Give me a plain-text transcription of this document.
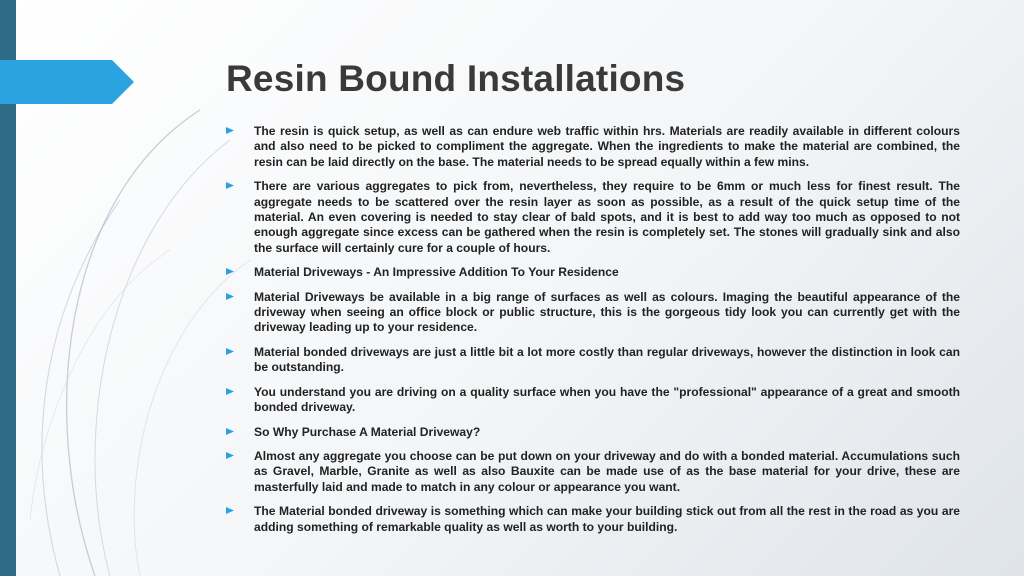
Resin Bound Installations
The resin is quick setup, as well as can endure web traffic within hrs. Materials are readily available in different colours and also need to be picked to compliment the aggregate. When the ingredients to make the material are combined, the resin can be laid directly on the base. The material needs to be spread equally within a few mins.
There are various aggregates to pick from, nevertheless, they require to be 6mm or much less for finest result. The aggregate needs to be scattered over the resin layer as soon as possible, as a result of the quick setup time of the material. An even covering is needed to stay clear of bald spots, and it is best to add way too much as opposed to not enough aggregate since excess can be gathered when the resin is completely set. The stones will gradually sink and also the surface will certainly cure for a couple of hours.
Material Driveways - An Impressive Addition To Your Residence
Material Driveways be available in a big range of surfaces as well as colours. Imaging the beautiful appearance of the driveway when seeing an office block or public structure, this is the gorgeous tidy look you can currently get with the driveway leading up to your residence.
Material bonded driveways are just a little bit a lot more costly than regular driveways, however the distinction in look can be outstanding.
You understand you are driving on a quality surface when you have the "professional" appearance of a great and smooth bonded driveway.
So Why Purchase A Material Driveway?
Almost any aggregate you choose can be put down on your driveway and do with a bonded material. Accumulations such as Gravel, Marble, Granite as well as also Bauxite can be made use of as the base material for your drive, these are masterfully laid and made to match in any colour or appearance you want.
The Material bonded driveway is something which can make your building stick out from all the rest in the road as you are adding something of remarkable quality as well as worth to your building.
